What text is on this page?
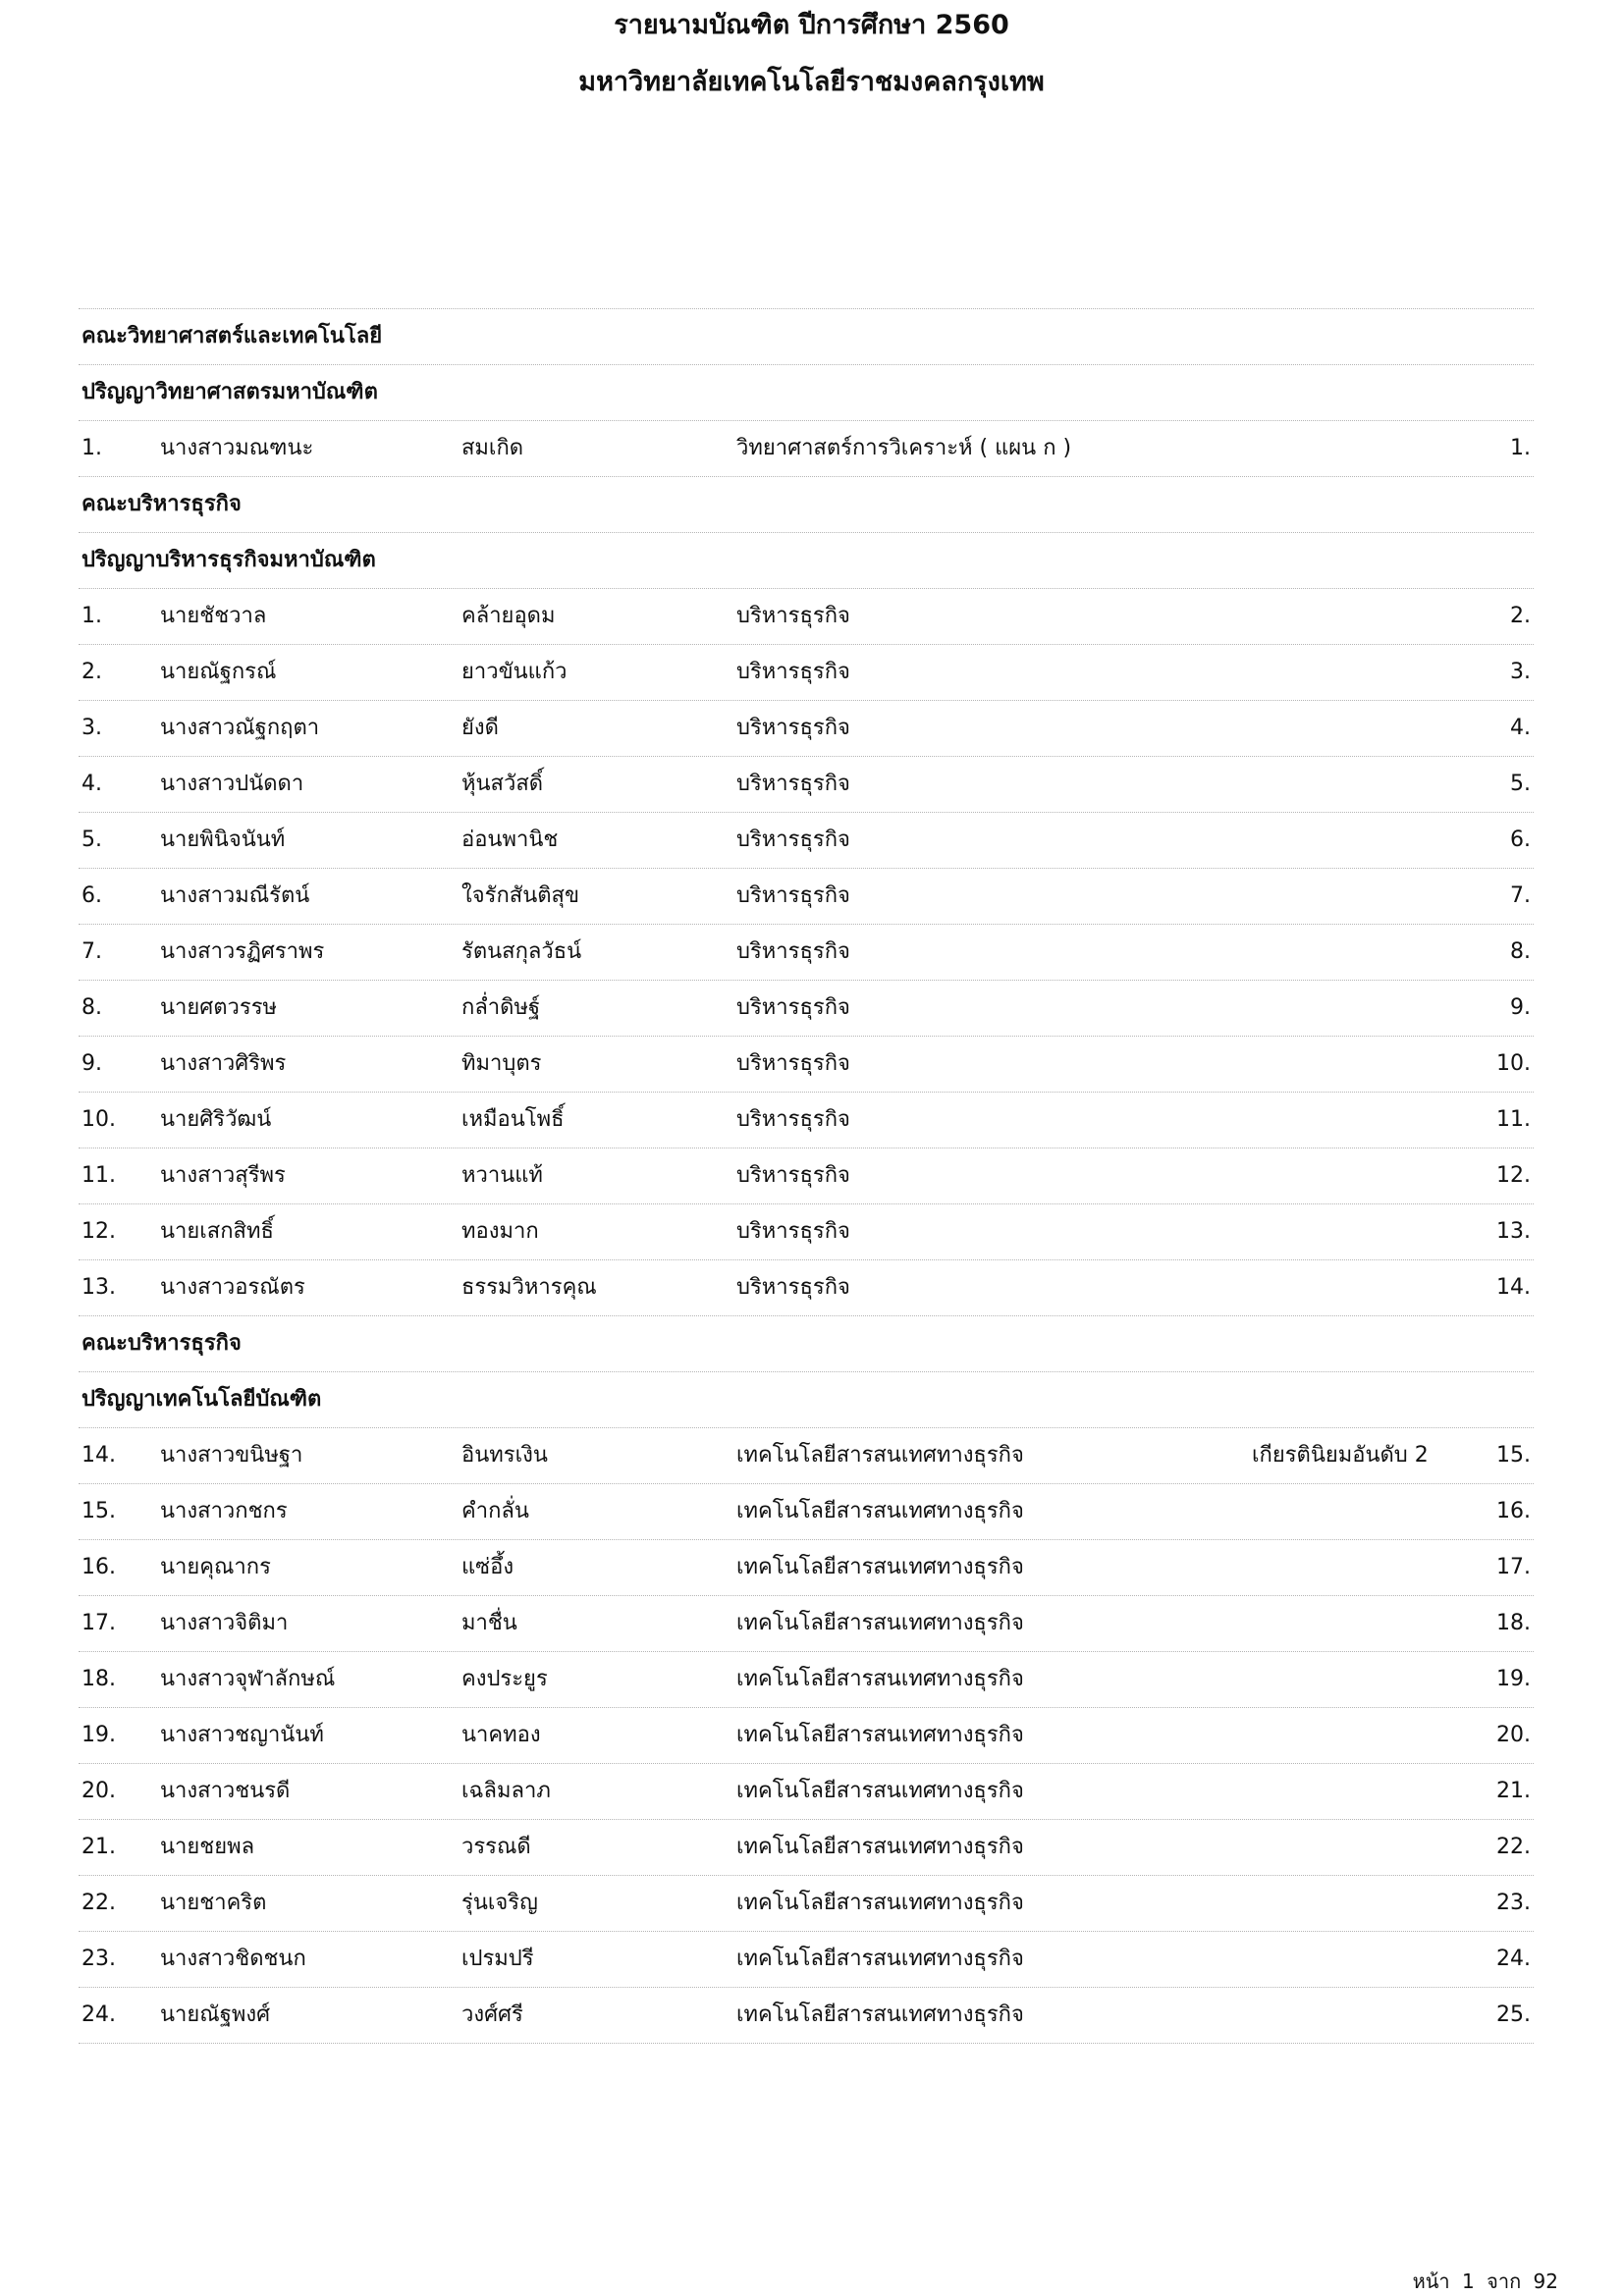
รายนามบัณฑิต ปีการศึกษา 2560
มหาวิทยาลัยเทคโนโลยีราชมงคลกรุงเทพ
คณะวิทยาศาสตร์และเทคโนโลยี
ปริญญาวิทยาศาสตรมหาบัณฑิต
1.	นางสาวมณฑนะ	สมเกิด	วิทยาศาสตร์การวิเคราะห์ ( แผน ก )	1.
คณะบริหารธุรกิจ
ปริญญาบริหารธุรกิจมหาบัณฑิต
1.	นายชัชวาล	คล้ายอุดม	บริหารธุรกิจ	2.
2.	นายณัฐกรณ์	ยาวขันแก้ว	บริหารธุรกิจ	3.
3.	นางสาวณัฐกฤตา	ยังดี	บริหารธุรกิจ	4.
4.	นางสาวปนัดดา	หุ้นสวัสดิ์	บริหารธุรกิจ	5.
5.	นายพินิจนันท์	อ่อนพานิช	บริหารธุรกิจ	6.
6.	นางสาวมณีรัตน์	ใจรักสันติสุข	บริหารธุรกิจ	7.
7.	นางสาวรฏิศราพร	รัตนสกุลวัธน์	บริหารธุรกิจ	8.
8.	นายศตวรรษ	กล่ำดิษฐ์	บริหารธุรกิจ	9.
9.	นางสาวศิริพร	ทิมาบุตร	บริหารธุรกิจ	10.
10. นายศิริวัฒน์	เหมือนโพธิ์	บริหารธุรกิจ	11.
11. นางสาวสุรีพร	หวานแท้	บริหารธุรกิจ	12.
12. นายเสกสิทธิ์	ทองมาก	บริหารธุรกิจ	13.
13. นางสาวอรณัตร	ธรรมวิหารคุณ	บริหารธุรกิจ	14.
คณะบริหารธุรกิจ
ปริญญาเทคโนโลยีบัณฑิต
14. นางสาวขนิษฐา	อินทรเงิน	เทคโนโลยีสารสนเทศทางธุรกิจ	เกียรตินิยมอันดับ 2	15.
15. นางสาวกชกร	คำกลั่น	เทคโนโลยีสารสนเทศทางธุรกิจ	16.
16. นายคุณากร	แซ่อึ้ง	เทคโนโลยีสารสนเทศทางธุรกิจ	17.
17. นางสาวจิติมา	มาชื่น	เทคโนโลยีสารสนเทศทางธุรกิจ	18.
18. นางสาวจุฬาลักษณ์	คงประยูร	เทคโนโลยีสารสนเทศทางธุรกิจ	19.
19. นางสาวชญานันท์	นาคทอง	เทคโนโลยีสารสนเทศทางธุรกิจ	20.
20. นางสาวชนรดี	เฉลิมลาภ	เทคโนโลยีสารสนเทศทางธุรกิจ	21.
21. นายชยพล	วรรณดี	เทคโนโลยีสารสนเทศทางธุรกิจ	22.
22. นายชาคริต	รุ่นเจริญ	เทคโนโลยีสารสนเทศทางธุรกิจ	23.
23. นางสาวชิดชนก	เปรมปรี	เทคโนโลยีสารสนเทศทางธุรกิจ	24.
24. นายณัฐพงศ์	วงศ์ศรี	เทคโนโลยีสารสนเทศทางธุรกิจ	25.
หน้า 1 จาก 92
